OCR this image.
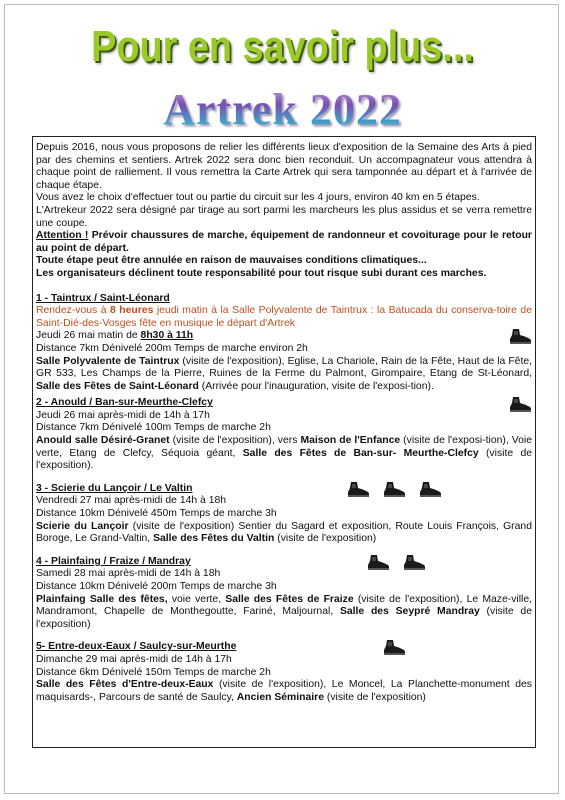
Pour en savoir plus...
Artrek 2022

Depuis 2016, nous vous proposons de relier les différents lieux d'exposition de la Semaine des Arts à pied par des chemins et sentiers. Artrek 2022 sera donc bien reconduit. Un accompagnateur vous attendra à chaque point de ralliement. Il vous remettra la Carte Artrek qui sera tamponnée au départ et à l'arrivée de chaque étape.

Vous avez le choix d'effectuer tout ou partie du circuit sur les 4 jours, environ 40 km en 5 étapes.

L'Artrekeur 2022 sera désigné par tirage au sort parmi les marcheurs les plus assidus et se verra remettre une coupe.

Attention ! Prévoir chaussures de marche, équipement de randonneur et covoiturage pour le retour au point de départ.

Toute étape peut être annulée en raison de mauvaises conditions climatiques...

Les organisateurs déclinent toute responsabilité pour tout risque subi durant ces marches.

1 - Taintrux / Saint-Léonard

Rendez-vous à 8 heures jeudi matin à la Salle Polyvalente de Taintrux : la Batucada du conserva-toire de Saint-Dié-des-Vosges fête en musique le départ d'Artrek

Jeudi 26 mai matin de 8h30 à 11h

Distance 7km Dénivelé 200m Temps de marche environ 2h

Salle Polyvalente de Taintrux (visite de l'exposition), Eglise, La Chariole, Rain de la Fête, Haut de la Fête, GR 533, Les Champs de la Pierre, Ruines de la Ferme du Palmont, Girompaire, Etang de St-Léonard, Salle des Fêtes de Saint-Léonard (Arrivée pour l'inauguration, visite de l'exposi-tion).

2 - Anould / Ban-sur-Meurthe-Clefcy

Jeudi 26 mai après-midi de 14h à 17h

Distance 7km Dénivelé 100m Temps de marche 2h

Anould salle Désiré-Granet (visite de l'exposition), vers Maison de l'Enfance (visite de l'exposi-tion), Voie verte, Etang de Clefcy, Séquoia géant, Salle des Fêtes de Ban-sur- Meurthe-Clefcy (visite de l'exposition).

3 - Scierie du Lançoir / Le Valtin

Vendredi 27 mai après-midi de 14h à 18h

Distance 10km Dénivelé 450m Temps de marche 3h

Scierie du Lançoir (visite de l'exposition) Sentier du Sagard et exposition, Route Louis François, Grand Boroge, Le Grand-Valtin, Salle des Fêtes du Valtin (visite de l'exposition)

4 - Plainfaing / Fraize / Mandray

Samedi 28 mai après-midi de 14h à 18h

Distance 10km Dénivelé 200m Temps de marche 3h

Plainfaing Salle des fêtes, voie verte, Salle des Fêtes de Fraize (visite de l'exposition), Le Maze-ville, Mandramont, Chapelle de Monthegoutte, Fariné, Maljournal, Salle des Seypré Mandray (visite de l'exposition)

5- Entre-deux-Eaux / Saulcy-sur-Meurthe

Dimanche 29 mai après-midi de 14h à 17h

Distance 6km Dénivelé 150m Temps de marche 2h

Salle des Fêtes d'Entre-deux-Eaux (visite de l'exposition), Le Moncel, La Planchette-monument des maquisards-, Parcours de santé de Saulcy, Ancien Séminaire (visite de l'exposition)
